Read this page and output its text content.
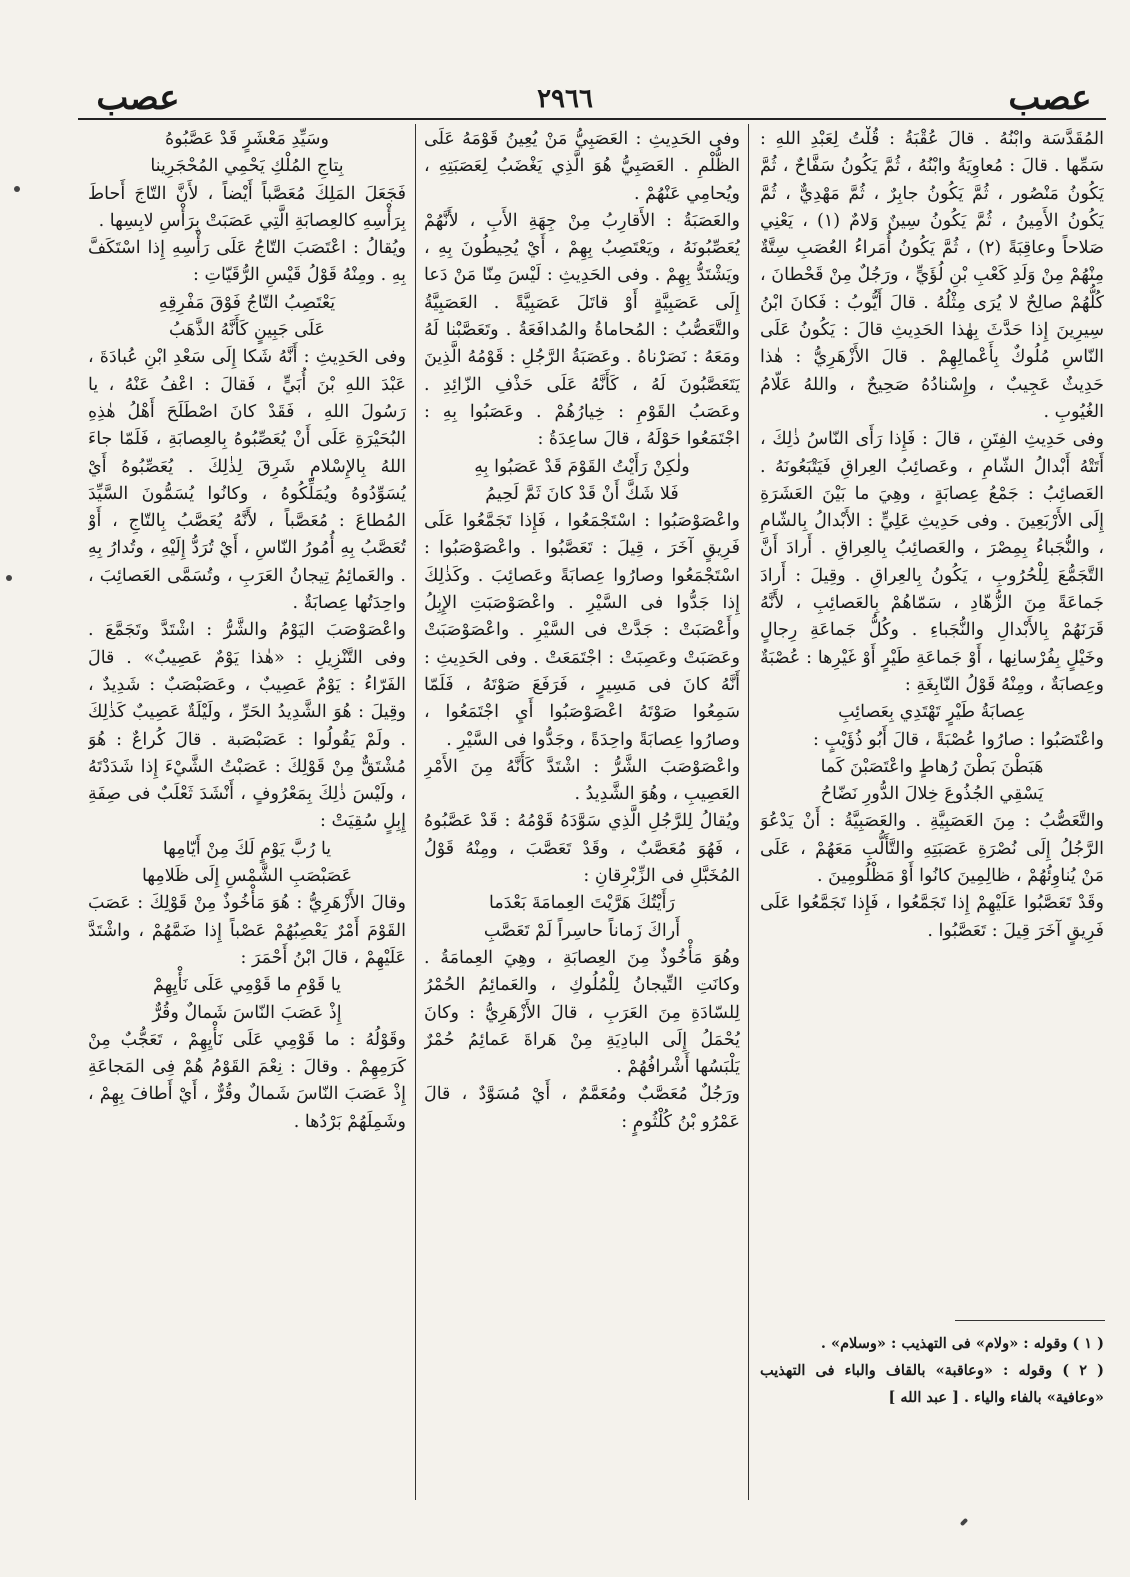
عصب
٢٩٦٦
عصب

المُقَدَّسَة وابْنُهُ . قالَ عُقْبَةُ : قُلْتُ لِعَبْدِ اللهِ : سَمِّها . قالَ : مُعاوِيَةُ وابْنُهُ ، ثُمَّ يَكُونُ سَفَّاحٌ ، ثُمَّ يَكُونُ مَنْصُور ، ثُمَّ يَكُونُ جابِرٌ ، ثُمَّ مَهْدِيٌّ ، ثُمَّ يَكُونُ الأَمِينُ ، ثُمَّ يَكُونُ سِينٌ وَلامٌ (١) ، يَعْنِي صَلاحاً وعاقِبَةً (٢) ، ثُمَّ يَكُونُ أُمَراءُ العُصَبِ سِتَّةٌ مِنْهُمْ مِنْ وَلَدِ كَعْبِ بْنِ لُؤَيٍّ ، ورَجُلٌ مِنْ قَحْطانَ ، كُلُّهُمْ صالِحٌ لا يُرَى مِثْلُهُ . قالَ أَيُّوبُ : فَكانَ ابْنُ سِيرِينَ إِذا حَدَّثَ بِهٰذا الحَدِيثِ قالَ : يَكُونُ عَلَى النّاسِ مُلُوكٌ بِأَعْمالِهِمْ . قالَ الأَزْهَرِيُّ : هٰذا حَدِيثٌ عَجِيبٌ ، وإِسْنادُهُ صَحِيحٌ ، واللهُ عَلّامُ الغُيُوبِ .

وفى حَدِيثِ الفِتَنِ ، قالَ : فَإِذا رَأَى النّاسُ ذٰلِكَ ، أَتَتْهُ أَبْدالُ الشّامِ ، وعَصائِبُ العِراقِ فَيَتْبَعُونَهُ . العَصائِبُ : جَمْعُ عِصابَةٍ ، وهِيَ ما بَيْنَ العَشَرَةِ إِلَى الأَرْبَعِينَ . وفى حَدِيثِ عَلِيٍّ : الأَبْدالُ بِالشّامِ ، والنُّجَباءُ بِمِصْرَ ، والعَصائِبُ بِالعِراقِ . أَرادَ أَنَّ التَّجَمُّعَ لِلْحُرُوبِ ، يَكُونُ بِالعِراقِ . وقِيلَ : أَرادَ جَماعَةً مِنَ الزُّهّادِ ، سَمّاهُمْ بِالعَصائِبِ ، لأَنَّهُ قَرَنَهُمْ بِالأَبْدالِ والنُّجَباءِ . وكُلُّ جَماعَةِ رِجالٍ وخَيْلٍ بِفُرْسانِها ، أَوْ جَماعَةِ طَيْرٍ أَوْ غَيْرِها : عُصْبَةٌ وعِصابَةٌ ، ومِنْهُ قَوْلُ النّابِغَةِ :

عِصابَةُ طَيْرٍ تَهْتَدِي بِعَصائِبِ

واعْتَصَبُوا : صارُوا عُصْبَةً ، قالَ أَبُو ذُؤَيْبٍ :

هَبَطْنَ بَطْنَ رُهاطٍ واعْتَصَبْنَ كَما

يَسْقِي الجُذُوعَ خِلالَ الدُّورِ نَضّاحُ

والتَّعَصُّبُ : مِنَ العَصَبِيَّةِ . والعَصَبِيَّةُ : أَنْ يَدْعُوَ الرَّجُلُ إِلَى نُصْرَةِ عَصَبَتِهِ والتَّأَلُّبِ مَعَهُمْ ، عَلَى مَنْ يُناوِئُهُمْ ، ظالِمِينَ كانُوا أَوْ مَظْلُومِينَ .

وقَدْ تَعَصَّبُوا عَلَيْهِمْ إِذا تَجَمَّعُوا ، فَإِذا تَجَمَّعُوا عَلَى فَرِيقٍ آخَرَ قِيلَ : تَعَصَّبُوا .

وفى الحَدِيثِ : العَصَبِيُّ مَنْ يُعِينُ قَوْمَهُ عَلَى الظُّلْمِ . العَصَبِيُّ هُوَ الَّذِي يَغْضَبُ لِعَصَبَتِهِ ، ويُحامِي عَنْهُمْ .

والعَصَبَةُ : الأَقارِبُ مِنْ جِهَةِ الأَبِ ، لأَنَّهُمْ يُعَصِّبُونَهُ ، ويَعْتَصِبُ بِهِمْ ، أَيْ يُحِيطُونَ بِهِ ، ويَشْتَدُّ بِهِمْ . وفى الحَدِيثِ : لَيْسَ مِنّا مَنْ دَعا إِلَى عَصَبِيَّةٍ أَوْ قاتَلَ عَصَبِيَّةً . العَصَبِيَّةُ والتَّعَصُّبُ : المُحاماةُ والمُدافَعَةُ . وتَعَصَّبْنا لَهُ ومَعَهُ : نَصَرْناهُ . وعَصَبَةُ الرَّجُلِ : قَوْمُهُ الَّذِينَ يَتَعَصَّبُونَ لَهُ ، كَأَنَّهُ عَلَى حَذْفِ الزّائِدِ . وعَصَبُ القَوْمِ : خِيارُهُمْ . وعَصَبُوا بِهِ : اجْتَمَعُوا حَوْلَهُ ، قالَ ساعِدَةُ :

ولٰكِنْ رَأَيْتُ القَوْمَ قَدْ عَصَبُوا بِهِ

فَلا شَكَّ أَنْ قَدْ كانَ ثَمَّ لَحِيمُ

واعْصَوْصَبُوا : اسْتَجْمَعُوا ، فَإِذا تَجَمَّعُوا عَلَى فَرِيقٍ آخَرَ ، قِيلَ : تَعَصَّبُوا . واعْصَوْصَبُوا : اسْتَجْمَعُوا وصارُوا عِصابَةً وعَصائِبَ . وكَذٰلِكَ إِذا جَدُّوا فى السَّيْرِ . واعْصَوْصَبَتِ الإِبِلُ وأَعْصَبَتْ : جَدَّتْ فى السَّيْرِ . واعْصَوْصَبَتْ وعَصَبَتْ وعَصِبَتْ : اجْتَمَعَتْ . وفى الحَدِيثِ : أَنَّهُ كانَ فى مَسِيرٍ ، فَرَفَعَ صَوْتَهُ ، فَلَمّا سَمِعُوا صَوْتَهُ اعْصَوْصَبُوا أَيِ اجْتَمَعُوا ، وصارُوا عِصابَةً واحِدَةً ، وجَدُّوا فى السَّيْرِ .

واعْصَوْصَبَ الشَّرُّ : اشْتَدَّ كَأَنَّهُ مِنَ الأَمْرِ العَصِيبِ ، وهُوَ الشَّدِيدُ .

ويُقالُ لِلرَّجُلِ الَّذِي سَوَّدَهُ قَوْمُهُ : قَدْ عَصَّبُوهُ ، فَهُوَ مُعَصَّبٌ ، وقَدْ تَعَصَّبَ ، ومِنْهُ قَوْلُ المُخَبَّلِ فى الزِّبْرِقانِ :

رَأَيْتُكَ هَرَّيْتَ العِمامَةَ بَعْدَما

أَراكَ زَماناً حاسِراً لَمْ تَعَصَّبِ

وهُوَ مَأْخُوذٌ مِنَ العِصابَةِ ، وهِيَ العِمامَةُ . وكانَتِ التِّيجانُ لِلْمُلُوكِ ، والعَمائِمُ الحُمْرُ لِلسّادَةِ مِنَ العَرَبِ ، قالَ الأَزْهَرِيُّ : وكانَ يُحْمَلُ إِلَى البادِيَةِ مِنْ هَراةَ عَمائِمُ حُمْرٌ يَلْبَسُها أَشْرافُهُمْ .

ورَجُلٌ مُعَصَّبٌ ومُعَمَّمٌ ، أَيْ مُسَوَّدٌ ، قالَ عَمْرُو بْنُ كُلْثُومٍ :

وسَيِّدِ مَعْشَرٍ قَدْ عَصَّبُوهُ

بِتاجِ المُلْكِ يَحْمِي المُحْجَرِينا

فَجَعَلَ المَلِكَ مُعَصَّباً أَيْضاً ، لأَنَّ التّاجَ أَحاطَ بِرَأْسِهِ كالعِصابَةِ الَّتِي عَصَبَتْ بِرَأْسِ لابِسِها .

ويُقالُ : اعْتَصَبَ التّاجُ عَلَى رَأْسِهِ إِذا اسْتَكَفَّ بِهِ . ومِنْهُ قَوْلُ قَيْسِ الرُّقَيّاتِ :

يَعْتَصِبُ التّاجُ فَوْقَ مَفْرِقِهِ

عَلَى جَبِينٍ كَأَنَّهُ الذَّهَبُ

وفى الحَدِيثِ : أَنَّهُ شَكا إِلَى سَعْدِ ابْنِ عُبادَةَ ، عَبْدَ اللهِ بْنَ أُبَيٍّ ، فَقالَ : اعْفُ عَنْهُ ، يا رَسُولَ اللهِ ، فَقَدْ كانَ اصْطَلَحَ أَهْلُ هٰذِهِ البُحَيْرَةِ عَلَى أَنْ يُعَصِّبُوهُ بِالعِصابَةِ ، فَلَمّا جاءَ اللهُ بِالإِسْلامِ شَرِقَ لِذٰلِكَ . يُعَصِّبُوهُ أَيْ يُسَوِّدُوهُ ويُمَلِّكُوهُ ، وكانُوا يُسَمُّونَ السَّيِّدَ المُطاعَ : مُعَصَّباً ، لأَنَّهُ يُعَصَّبُ بِالتّاجِ ، أَوْ تُعَصَّبُ بِهِ أُمُورُ النّاسِ ، أَيْ تُرَدُّ إِلَيْهِ ، وتُدارُ بِهِ . والعَمائِمُ تِيجانُ العَرَبِ ، وتُسَمَّى العَصائِبَ ، واحِدَتُها عِصابَةٌ .

واعْصَوْصَبَ اليَوْمُ والشَّرُّ : اشْتَدَّ وتَجَمَّعَ . وفى التَّنْزِيلِ : «هٰذا يَوْمٌ عَصِيبٌ» . قالَ الفَرّاءُ : يَوْمٌ عَصِيبٌ ، وعَصَبْصَبٌ : شَدِيدٌ ، وقِيلَ : هُوَ الشَّدِيدُ الحَرِّ ، ولَيْلَةٌ عَصِيبٌ كَذٰلِكَ . ولَمْ يَقُولُوا : عَصَبْصَبة . قالَ كُراعٌ : هُوَ مُشْتَقٌّ مِنْ قَوْلِكَ : عَصَبْتُ الشَّيْءَ إِذا شَدَدْتَهُ ، ولَيْسَ ذٰلِكَ بِمَعْرُوفٍ ، أَنْشَدَ ثَعْلَبٌ فى صِفَةِ إِبِلٍ سُقِيَتْ :

يا رُبَّ يَوْمٍ لَكَ مِنْ أَيّامِها

عَصَبْصَبِ الشَّمْسِ إِلَى ظَلامِها

وقالَ الأَزْهَرِيُّ : هُوَ مَأْخُوذٌ مِنْ قَوْلِكَ : عَصَبَ القَوْمَ أَمْرٌ يَعْصِبُهُمْ عَصْباً إِذا ضَمَّهُمْ ، واشْتَدَّ عَلَيْهِمْ ، قالَ ابْنُ أَحْمَرَ :

يا قَوْمِ ما قَوْمِي عَلَى نَأْيِهِمْ

إِذْ عَصَبَ النّاسَ شَمالٌ وقُرٌّ

وقَوْلُهُ : ما قَوْمِي عَلَى نَأْيِهِمْ ، تَعَجُّبٌ مِنْ كَرَمِهِمْ . وقالَ : نِعْمَ القَوْمُ هُمْ فِى المَجاعَةِ إِذْ عَصَبَ النّاسَ شَمالٌ وقُرٌّ ، أَيْ أَطافَ بِهِمْ ، وشَمِلَهُمْ بَرْدُها .

( ١ ) وقوله : «ولام» فى التهذيب : «وسلام» .

( ٢ ) وقوله : «وعاقبة» بالقاف والباء فى التهذيب «وعافية» بالفاء والياء . [ عبد الله ]
